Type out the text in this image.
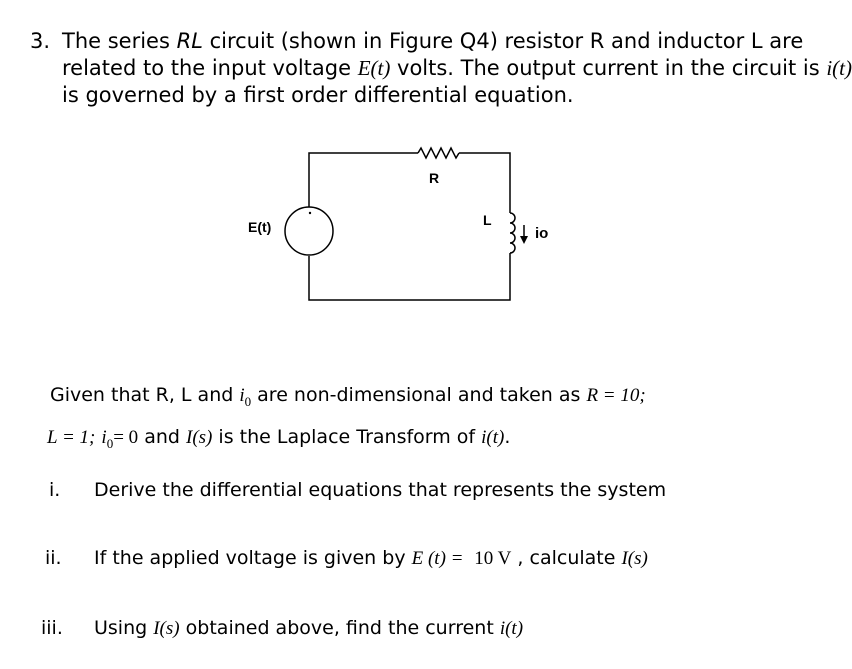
3. The series RL circuit (shown in Figure Q4) resistor R and inductor L are
related to the input voltage E(t) volts. The output current in the circuit is i(t)
is governed by a first order differential equation.
R
E(t)	L
io
Given that R, L and $i_0$ are non-dimensional and taken as R = 10;
L = 1; $i_0= 0$ and I(s) is the Laplace Transform of i(t).
i. Derive the differential equations that represents the system
ii. If the applied voltage is given by E (t) = 10 V , calculate I(s)
iii. Using I(s) obtained above, find the current i(t)
